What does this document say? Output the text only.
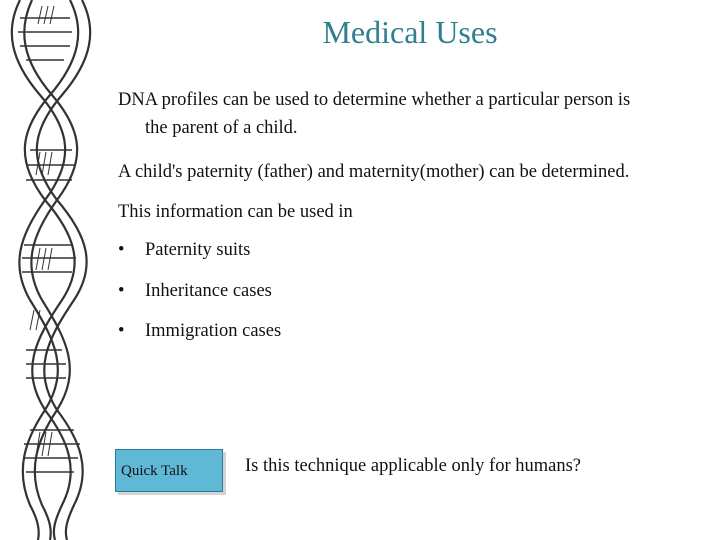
Medical Uses
DNA profiles can be used to determine whether a particular person is
the parent of a child.
A child's paternity (father) and maternity(mother) can be determined.
This information can be used in
• Paternity suits
• Inheritance cases
• Immigration cases
Quick Talk	Is this technique applicable only for humans?
